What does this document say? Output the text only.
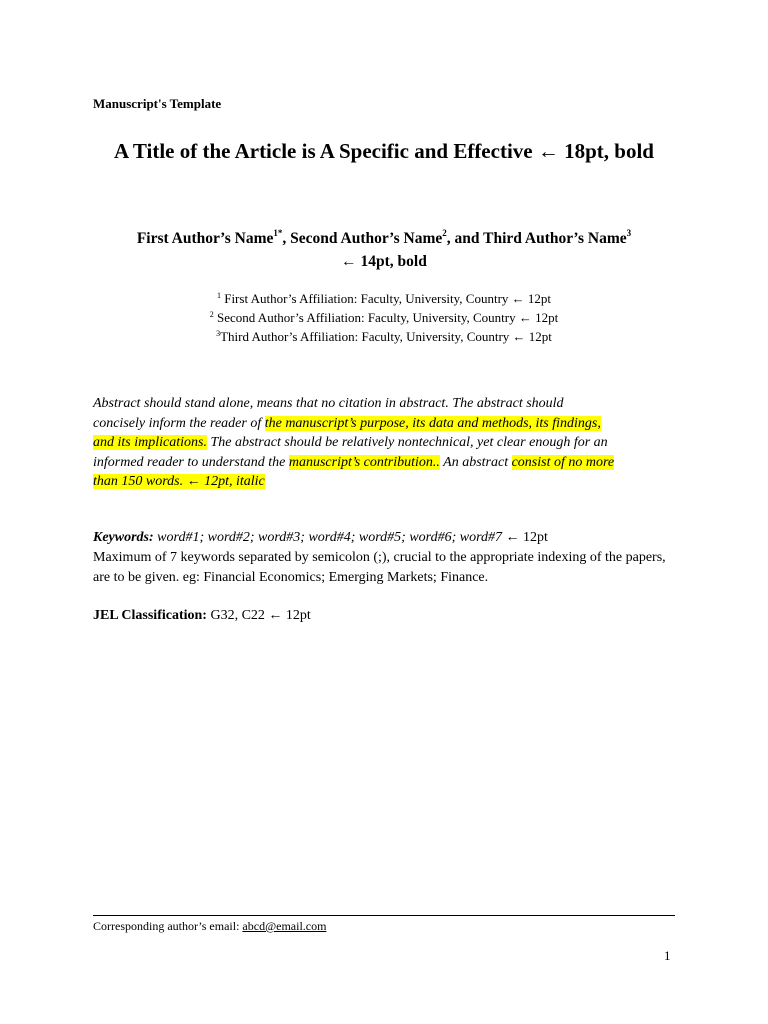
Manuscript's Template
A Title of the Article is A Specific and Effective ← 18pt, bold
First Author’s Name$^{1*}$, Second Author’s Name$^2$, and Third Author’s Name$^3$
← 14pt, bold
$^1$ First Author’s Affiliation: Faculty, University, Country ← 12pt
$^2$ Second Author’s Affiliation: Faculty, University, Country ← 12pt
$^3$Third Author’s Affiliation: Faculty, University, Country ← 12pt
Abstract should stand alone, means that no citation in abstract. The abstract should
concisely inform the reader of the manuscript’s purpose, its data and methods, its findings,
and its implications. The abstract should be relatively nontechnical, yet clear enough for an
informed reader to understand the manuscript’s contribution.. An abstract consist of no more
than 150 words. ← 12pt, italic
Keywords: word#1; word#2; word#3; word#4; word#5; word#6; word#7 ← 12pt
Maximum of 7 keywords separated by semicolon (;), crucial to the appropriate indexing of the papers, are to be given. eg: Financial Economics; Emerging Markets; Finance.
JEL Classification: G32, C22 ← 12pt
Corresponding author’s email: abcd@email.com
1
